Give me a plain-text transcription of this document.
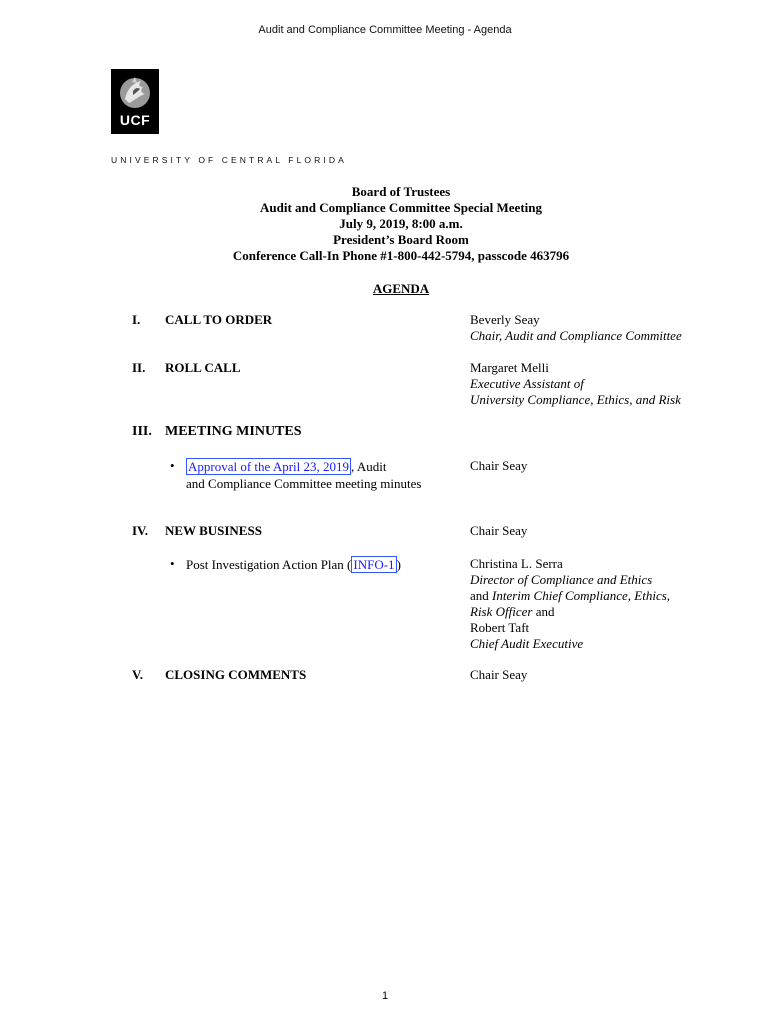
Audit and Compliance Committee Meeting - Agenda
UCF
UNIVERSITY OF CENTRAL FLORIDA
Board of Trustees
Audit and Compliance Committee Special Meeting
July 9, 2019, 8:00 a.m.
President’s Board Room
Conference Call-In Phone #1-800-442-5794, passcode 463796
AGENDA
I. CALL TO ORDER	Beverly Seay
Chair, Audit and Compliance Committee
II. ROLL CALL	Margaret Melli
Executive Assistant of
University Compliance, Ethics, and Risk
III. MEETING MINUTES
• Approval of the April 23, 2019 , Audit
and Compliance Committee meeting minutes
Chair Seay
IV. NEW BUSINESS	Chair Seay
• Post Investigation Action Plan ( INFO-1 )	Christina L. Serra
Director of Compliance and Ethics
and Interim Chief Compliance, Ethics,
Risk Officer and
Robert Taft
Chief Audit Executive
V. CLOSING COMMENTS	Chair Seay
1
